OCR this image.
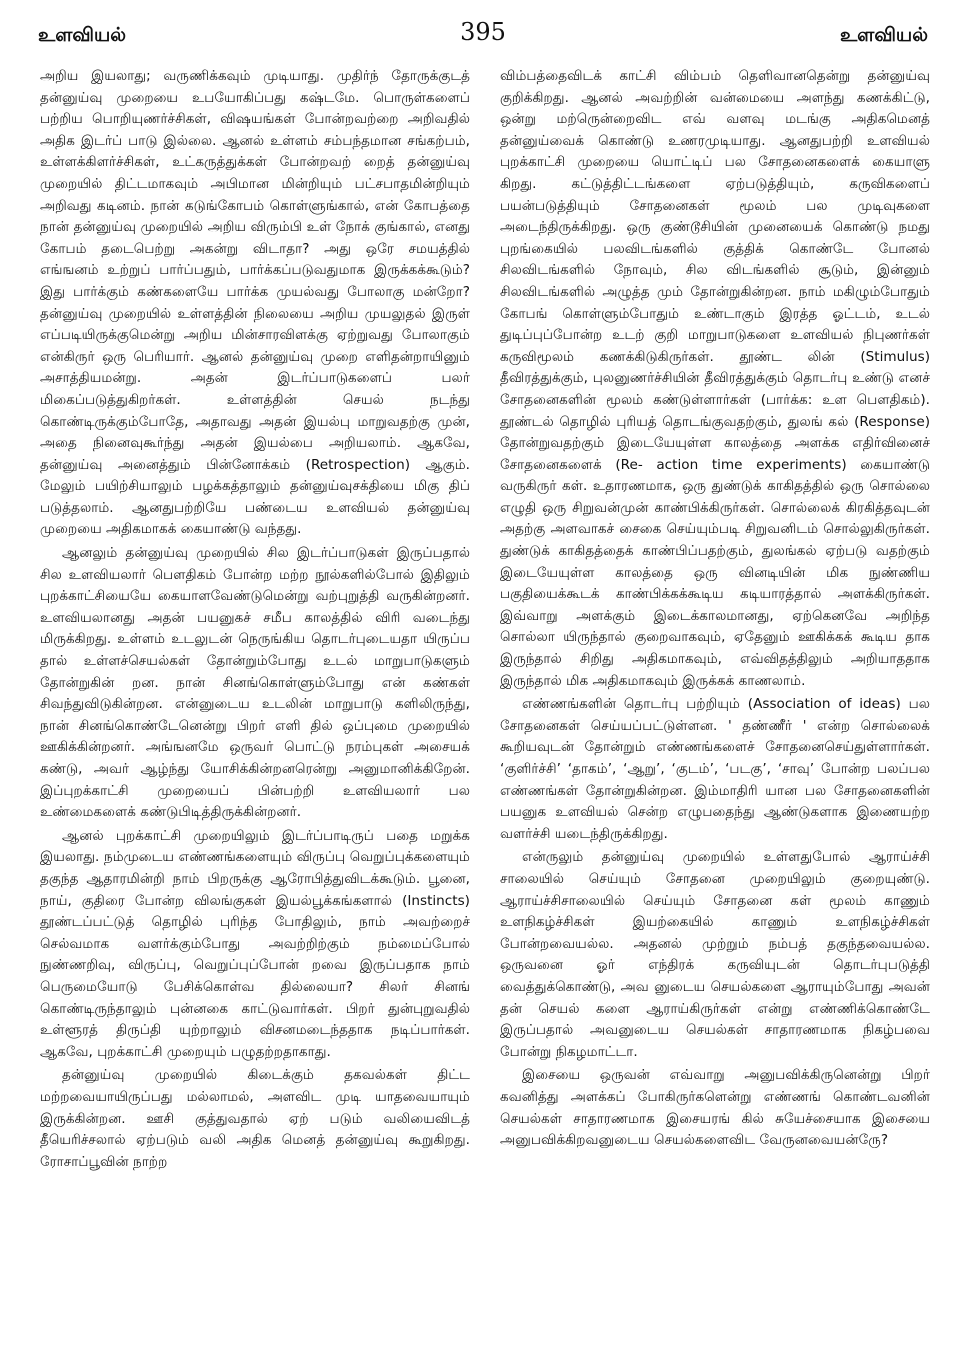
உளவியல்	395	உளவியல்

அறிய இயலாது; வருணிக்கவும் முடியாது. முதிர்ந் தோருக்குடத் தன்னுய்வு முறையை உபயோகிப்பது கஷ்டமே. பொருள்களைப் பற்றிய பொறியுணர்ச்சிகள், விஷயங்கள் போன்றவற்றை அறிவதில் அதிக இடர்ப் பாடு இல்லை. ஆனல் உள்ளம் சம்பந்தமான சங்கற்பம், உள்ளக்கிளர்ச்சிகள், உட்கருத்துக்கள் போன்றவற் றைத் தன்னுய்வு முறையில் திட்டமாகவும் அபிமான மின்றியும் பட்சபாதமின்றியும் அறிவது கடினம். நான் கடுங்கோபம் கொள்ளுங்கால், என் கோபத்தை நான் தன்னுய்வு முறையில் அறிய விரும்பி உள் நோக் குங்கால், எனது கோபம் தடைபெற்று அகன்று விடாதா? அது ஒரே சமயத்தில் எங்ஙனம் உற்றுப் பார்ப்பதும், பார்க்கப்படுவதுமாக இருக்கக்கூடும்? இது பார்க்கும் கண்களையே பார்க்க முயல்வது போலாகு மன்றோ? தன்னுய்வு முறையில் உள்ளத்தின் நிலையை அறிய முயலுதல் இருள் எப்படியிருக்குமென்று அறிய மின்சாரவிளக்கு ஏற்றுவது போலாகும் என்கிருர் ஒரு பெரியார். ஆனல் தன்னுய்வு முறை எளிதன்றாயினும் அசாத்தியமன்று. அதன் இடர்ப்பாடுகளைப் பலர் மிகைப்படுத்துகிறர்கள். உள்ளத்தின் செயல் நடந்து கொண்டிருக்கும்போதே, அதாவது அதன் இயல்பு மாறுவதற்கு முன், அதை நினைவுகூர்ந்து அதன் இயல்பை அறியலாம். ஆகவே, தன்னுய்வு அனைத்தும் பின்னோக்கம் (Retrospection) ஆகும். மேலும் பயிற்சியாலும் பழக்கத்தாலும் தன்னுய்வுசக்தியை மிகு திப் படுத்தலாம். ஆனதுபற்றியே பண்டைய உளவியல் தன்னுய்வு முறையை அதிகமாகக் கையாண்டு வந்தது.

ஆனலும் தன்னுய்வு முறையில் சில இடர்ப்பாடுகள் இருப்பதால் சில உளவியலார் பௌதிகம் போன்ற மற்ற நூல்களில்போல் இதிலும் புறக்காட்சியையே கையாளவேண்டுமென்று வற்புறுத்தி வருகின்றனர். உளவியலானது அதன் பயனுகச் சமீப காலத்தில் விரி வடைந்து மிருக்கிறது. உள்ளம் உடலுடன் நெருங்கிய தொடர்புடையதா யிருப்ப தால் உள்ளச்செயல்கள் தோன்றும்போது உடல் மாறுபாடுகளும் தோன்றுகின் றன. நான் சினங்கொள்ளும்போது என் கண்கள் சிவந்துவிடுகின்றன. என்னுடைய உடலின் மாறுபாடு களிலிருந்து, நான் சினங்கொண்டேனென்று பிறர் எளி தில் ஒப்புமை முறையில் ஊகிக்கின்றனர். அங்ஙனமே ஒருவர் பொட்டு நரம்புகள் அசையக் கண்டு, அவர் ஆழ்ந்து யோசிக்கின்றனரென்று அனுமானிக்கிறேன். இப்புறக்காட்சி முறையைப் பின்பற்றி உளவியலார் பல உண்மைகளைக் கண்டுபிடித்திருக்கின்றனர்.

ஆனல் புறக்காட்சி முறையிலும் இடர்ப்பாடிருப் பதை மறுக்க இயலாது. நம்முடைய எண்ணங்களையும் விருப்பு வெறுப்புக்களையும் தகுந்த ஆதாரமின்றி நாம் பிறருக்கு ஆரோபித்துவிடக்கூடும். பூனை, நாய், குதிரை போன்ற விலங்குகள் இயல்பூக்கங்களால் (Instincts) தூண்டப்பட்டுத் தொழில் புரிந்த போதிலும், நாம் அவற்றைச் செல்வமாக வளர்க்கும்போது அவற்றிற்கும் நம்மைப்போல் நுண்ணறிவு, விருப்பு, வெறுப்புப்போன் றவை இருப்பதாக நாம் பெருமையோடு பேசிக்கொள்வ தில்லையா? சிலர் சினங் கொண்டிருந்தாலும் புன்னகை காட்டுவார்கள். பிறர் துன்புறுவதில் உள்ளூரத் திருப்தி யுற்றாலும் விசனமடைந்ததாக நடிப்பார்கள். ஆகவே, புறக்காட்சி முறையும் பழுதற்றதாகாது.

தன்னுய்வு முறையில் கிடைக்கும் தகவல்கள் திட்ட மற்றவையாயிருப்பது மல்லாமல், அளவிட முடி யாதவையாயும் இருக்கின்றன. ஊசி குத்துவதால் ஏற் படும் வலியைவிடத் தீயெரிச்சலால் ஏற்படும் வலி அதிக மெனத் தன்னுய்வு கூறுகிறது. ரோசாப்பூவின் நாற்ற

விம்பத்தைவிடக் காட்சி விம்பம் தெளிவானதென்று தன்னுய்வு குறிக்கிறது. ஆனல் அவற்றின் வன்மையை அளந்து கணக்கிட்டு, ஒன்று மற்ருென்றைவிட எவ் வளவு மடங்கு அதிகமெனத் தன்னுய்வைக் கொண்டு உணரமுடியாது. ஆனதுபற்றி உளவியல் புறக்காட்சி முறையை யொட்டிப் பல சோதனைகளைக் கையாளு கிறது. கட்டுத்திட்டங்களை ஏற்படுத்தியும், கருவிகளைப் பயன்படுத்தியும் சோதனைகள் மூலம் பல முடிவுகளை அடைந்திருக்கிறது. ஒரு குண்டூசியின் முனையைக் கொண்டு நமது புறங்கையில் பலவிடங்களில் குத்திக் கொண்டே போனல் சிலவிடங்களில் நோவும், சில விடங்களில் சூடும், இன்னும் சிலவிடங்களில் அழுத்த மும் தோன்றுகின்றன. நாம் மகிழும்போதும் கோபங் கொள்ளும்போதும் உண்டாகும் இரத்த ஓட்டம், உடல் துடிப்புப்போன்ற உடற் குறி மாறுபாடுகளை உளவியல் நிபுணர்கள் கருவிமூலம் கணக்கிடுகிருர்கள். தூண்ட லின் (Stimulus) தீவிரத்துக்கும், புலனுணர்ச்சியின் தீவிரத்துக்கும் தொடர்பு உண்டு எனச் சோதனைகளின் மூலம் கண்டுள்ளார்கள் (பார்க்க: உள பௌதிகம்). தூண்டல் தொழில் புரியத் தொடங்குவதற்கும், துலங் கல் (Response) தோன்றுவதற்கும் இடையேயுள்ள காலத்தை அளக்க எதிர்வினைச் சோதனைகளைக் (Re- action time experiments) கையாண்டு வருகிருர் கள். உதாரணமாக, ஒரு துண்டுக் காகிதத்தில் ஒரு சொல்லை எழுதி ஒரு சிறுவன்முன் காண்பிக்கிருர்கள். சொல்லைக் கிரகித்தவுடன் அதற்கு அளவாகச் சைகை செய்யும்படி சிறுவனிடம் சொல்லுகிருர்கள். துண்டுக் காகிதத்தைக் காண்பிப்பதற்கும், துலங்கல் ஏற்படு வதற்கும் இடையேயுள்ள காலத்தை ஒரு வினடியின் மிக நுண்ணிய பகுதியைக்கூடக் காண்பிக்கக்கூடிய கடியாரத்தால் அளக்கிருர்கள். இவ்வாறு அளக்கும் இடைக்காலமானது, ஏற்கெனவே அறிந்த சொல்லா யிருந்தால் குறைவாகவும், ஏதேனும் ஊகிக்கக் கூடிய தாக இருந்தால் சிறிது அதிகமாகவும், எவ்விதத்திலும் அறியாததாக இருந்தால் மிக அதிகமாகவும் இருக்கக் காணலாம்.

எண்ணங்களின் தொடர்பு பற்றியும் (Association of ideas) பல சோதனைகள் செய்யப்பட்டுள்ளன. ' தண்ணீர் ' என்ற சொல்லைக் கூறியவுடன் தோன்றும் எண்ணங்களைச் சோதனைசெய்துள்ளார்கள். ‘குளிர்ச்சி’ ‘தாகம்’, ‘ஆறு’, ‘குடம்’, ‘படகு’, ‘சாவு’ போன்ற பலப்பல எண்ணங்கள் தோன்றுகின்றன. இம்மாதிரி யான பல சோதனைகளின் பயனுக உளவியல் சென்ற எழுபதைந்து ஆண்டுகளாக இணையற்ற வளர்ச்சி யடைந்திருக்கிறது.

என்ருலும் தன்னுய்வு முறையில் உள்ளதுபோல் ஆராய்ச்சி சாலையில் செய்யும் சோதனை முறையிலும் குறையுண்டு. ஆராய்ச்சிசாலையில் செய்யும் சோதனை கள் மூலம் காணும் உளநிகழ்ச்சிகள் இயற்கையில் காணும் உளநிகழ்ச்சிகள் போன்றவையல்ல. அதனல் முற்றும் நம்பத் தகுந்தவையல்ல. ஒருவனை ஓர் எந்திரக் கருவியுடன் தொடர்புபடுத்தி வைத்துக்கொண்டு, அவ னுடைய செயல்களை ஆராயும்போது அவன் தன் செயல் களை ஆராய்கிருர்கள் என்று எண்ணிக்கொண்டே இருப்பதால் அவனுடைய செயல்கள் சாதாரணமாக நிகழ்பவை போன்று நிகழமாட்டா.

இசையை ஒருவன் எவ்வாறு அனுபவிக்கிருனென்று பிறர் கவனித்து அளக்கப் போகிருர்களென்று எண்ணங் கொண்டவனின் செயல்கள் சாதாரணமாக இசையரங் கில் சுயேச்சையாக இசையை அனுபவிக்கிறவனுடைய செயல்களைவிட வேருனவையன்ருே?
